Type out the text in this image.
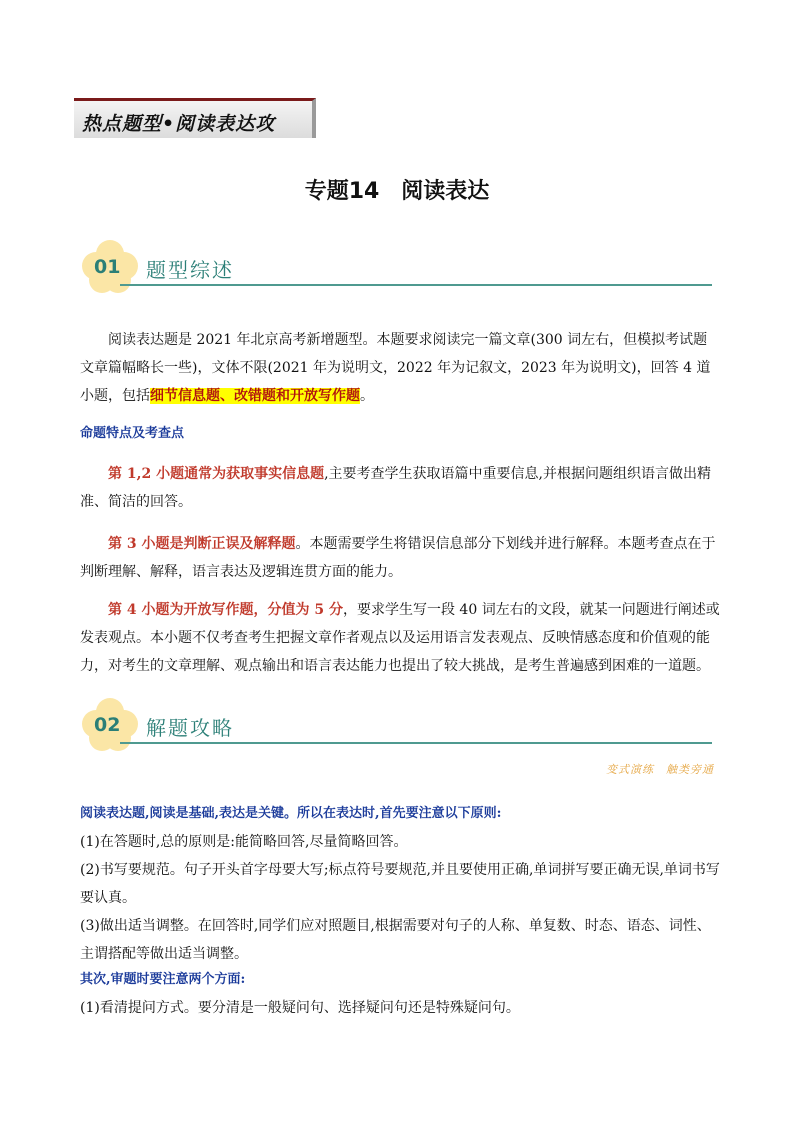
热点题型•阅读表达攻
专题14　阅读表达
01 题型综述
阅读表达题是 2021 年北京高考新增题型。本题要求阅读完一篇文章(300 词左右，但模拟考试题文章篇幅略长一些)，文体不限(2021 年为说明文，2022 年为记叙文，2023 年为说明文)，回答 4 道小题，包括细节信息题、改错题和开放写作题。
命题特点及考查点
第 1,2 小题通常为获取事实信息题,主要考查学生获取语篇中重要信息,并根据问题组织语言做出精准、简洁的回答。
第 3 小题是判断正误及解释题。本题需要学生将错误信息部分下划线并进行解释。本题考查点在于判断理解、解释，语言表达及逻辑连贯方面的能力。
第 4 小题为开放写作题，分值为 5 分，要求学生写一段 40 词左右的文段，就某一问题进行阐述或发表观点。本小题不仅考查考生把握文章作者观点以及运用语言发表观点、反映情感态度和价值观的能力，对考生的文章理解、观点输出和语言表达能力也提出了较大挑战，是考生普遍感到困难的一道题。
02 解题攻略
变式演练　触类旁通
阅读表达题,阅读是基础,表达是关键。所以在表达时,首先要注意以下原则:
(1)在答题时,总的原则是:能简略回答,尽量简略回答。
(2)书写要规范。句子开头首字母要大写;标点符号要规范,并且要使用正确,单词拼写要正确无误,单词书写要认真。
(3)做出适当调整。在回答时,同学们应对照题目,根据需要对句子的人称、单复数、时态、语态、词性、主谓搭配等做出适当调整。
其次,审题时要注意两个方面:
(1)看清提问方式。要分清是一般疑问句、选择疑问句还是特殊疑问句。
